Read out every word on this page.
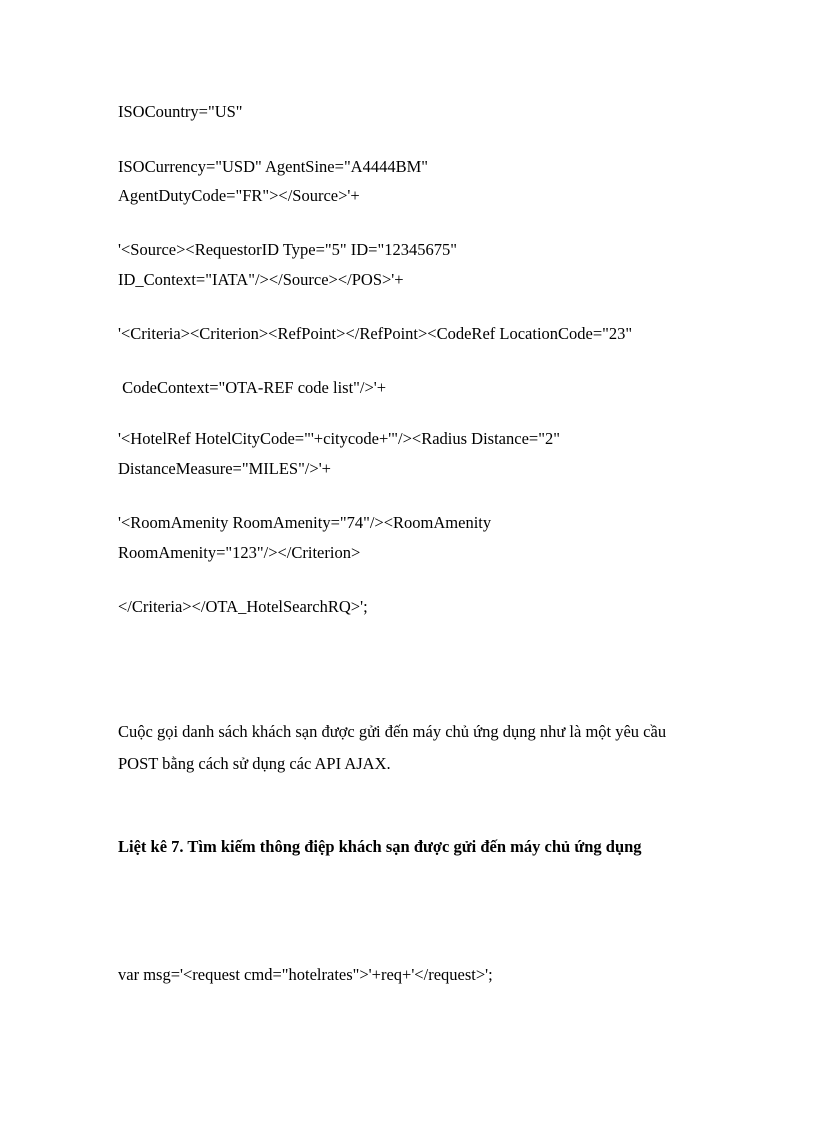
ISOCountry="US"
ISOCurrency="USD" AgentSine="A4444BM"
AgentDutyCode="FR"></Source>'+
'<Source><RequestorID Type="5" ID="12345675"
ID_Context="IATA"/></Source></POS>'+
'<Criteria><Criterion><RefPoint></RefPoint><CodeRef LocationCode="23"
CodeContext="OTA-REF code list"/>'+
'<HotelRef HotelCityCode="'+citycode+'"/><Radius Distance="2"
DistanceMeasure="MILES"/>'+
'<RoomAmenity RoomAmenity="74"/><RoomAmenity
RoomAmenity="123"/></Criterion>
</Criteria></OTA_HotelSearchRQ>';
Cuộc gọi danh sách khách sạn được gửi đến máy chủ ứng dụng như là một yêu cầu
POST bằng cách sử dụng các API AJAX.
Liệt kê 7. Tìm kiếm thông điệp khách sạn được gửi đến máy chủ ứng dụng
var msg='<request cmd="hotelrates">'+req+'</request>';
